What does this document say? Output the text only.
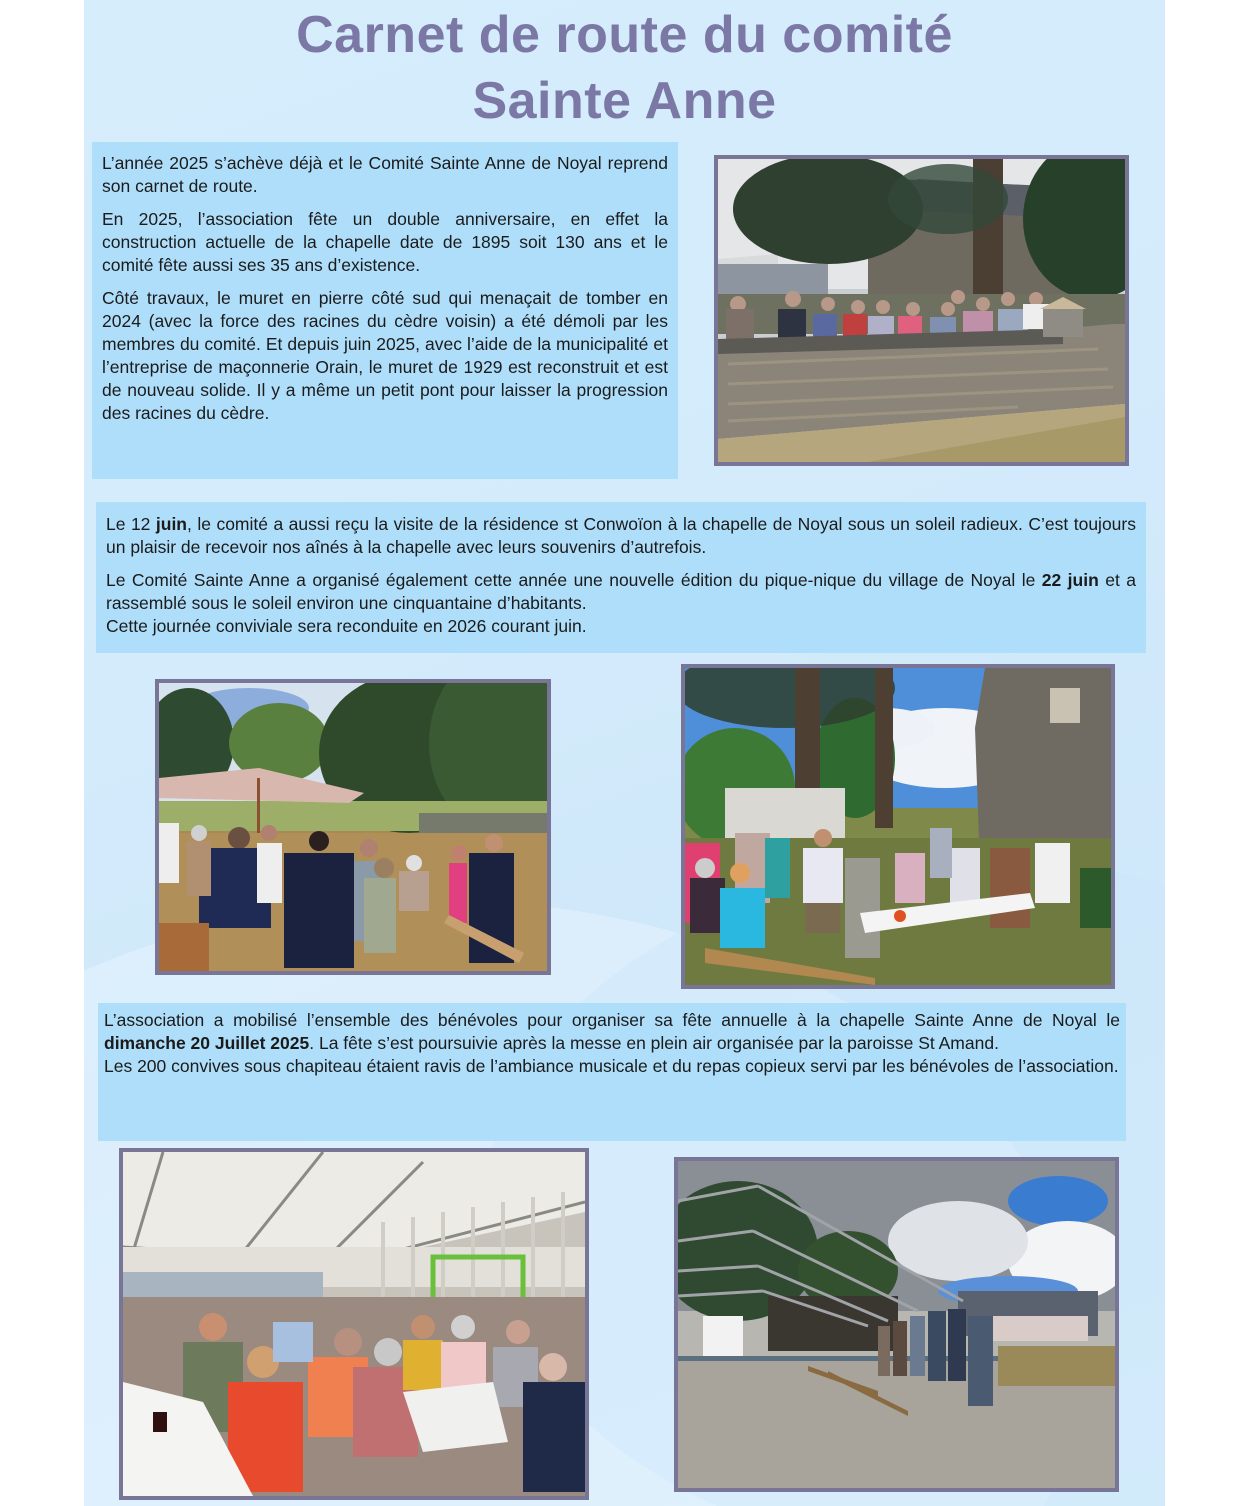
Carnet de route du comité
Sainte Anne

L’année 2025 s’achève déjà et le Comité Sainte Anne de Noyal reprend son carnet de route.

En 2025, l’association fête un double anniversaire, en effet la construction actuelle de la chapelle date de 1895 soit 130 ans et le comité fête aussi ses 35 ans d’existence.

Côté travaux, le muret en pierre côté sud qui menaçait de tomber en 2024 (avec la force des racines du cèdre voisin) a été démoli par les membres du comité. Et depuis juin 2025, avec l’aide de la municipalité et l’entreprise de maçonnerie Orain, le muret de 1929 est reconstruit et est de nouveau solide. Il y a même un petit pont pour laisser la progression des racines du cèdre.

Le 12 juin, le comité a aussi reçu la visite de la résidence st Conwoïon à la chapelle de Noyal sous un soleil radieux. C’est toujours un plaisir de recevoir nos aînés à la chapelle avec leurs souvenirs d’autrefois.

Le Comité Sainte Anne a organisé également cette année une nouvelle édition du pique-nique du village de Noyal le 22 juin et a rassemblé sous le soleil environ une cinquantaine d’habitants.
Cette journée conviviale sera reconduite en 2026 courant juin.

L’association a mobilisé l’ensemble des bénévoles pour organiser sa fête annuelle à la chapelle Sainte Anne de Noyal le dimanche 20 Juillet 2025. La fête s’est poursuivie après la messe en plein air organisée par la paroisse St Amand.
Les 200 convives sous chapiteau étaient ravis de l’ambiance musicale et du repas copieux servi par les bénévoles de l’association.
